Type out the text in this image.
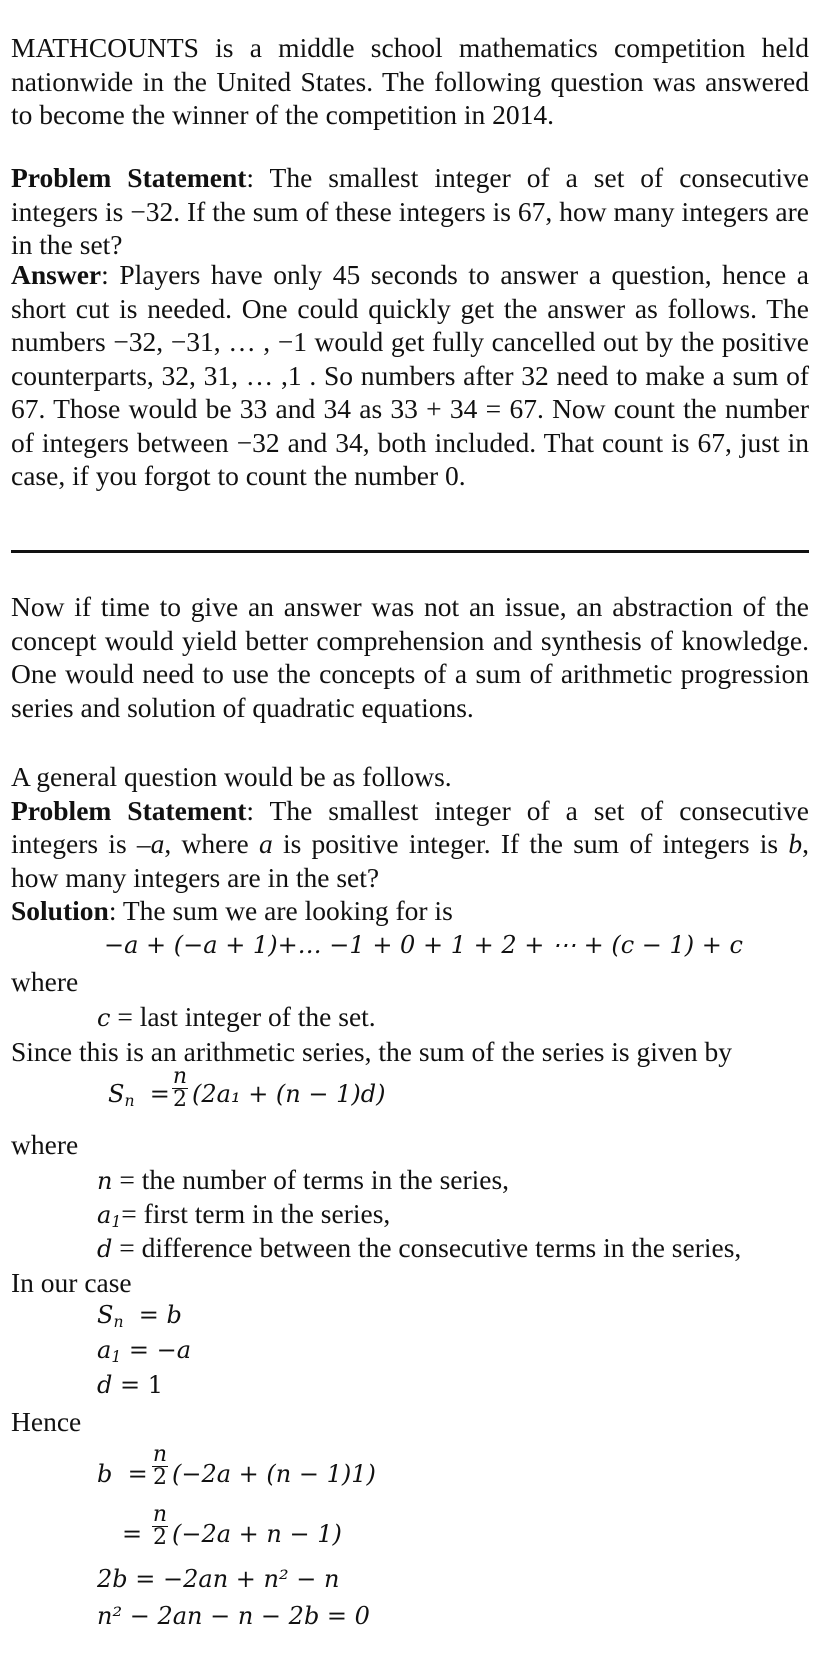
MATHCOUNTS is a middle school mathematics competition held nationwide in the United States. The following question was answered to become the winner of the competition in 2014.

Problem Statement: The smallest integer of a set of consecutive integers is −32. If the sum of these integers is 67, how many integers are in the set?

Answer: Players have only 45 seconds to answer a question, hence a short cut is needed. One could quickly get the answer as follows. The numbers −32, −31, … , −1 would get fully cancelled out by the positive counterparts, 32, 31, … ,1 . So numbers after 32 need to make a sum of 67. Those would be 33 and 34 as 33 + 34 = 67. Now count the number of integers between −32 and 34, both included. That count is 67, just in case, if you forgot to count the number 0.

Now if time to give an answer was not an issue, an abstraction of the concept would yield better comprehension and synthesis of knowledge. One would need to use the concepts of a sum of arithmetic progression series and solution of quadratic equations.

A general question would be as follows.
Problem Statement: The smallest integer of a set of consecutive integers is –a, where a is positive integer. If the sum of integers is b, how many integers are in the set?
Solution: The sum we are looking for is

−a + (−a + 1)+… −1 + 0 + 1 + 2 + ⋯ + (c − 1) + c
where
c = last integer of the set.
Since this is an arithmetic series, the sum of the series is given by
$S_n$  =
n
2 (2a₁ + (n − 1)d)
where
n = the number of terms in the series,
$a_1=$ first term in the series,
d = difference between the consecutive terms in the series,
In our case
$S_n = b$
$a_1 = -a$
d = 1
Hence
b  =
n
2 (−2a + (n − 1)1)
=
n
2 (−2a + n − 1)
2b = −2an + n² − n
n² − 2an − n − 2b = 0
